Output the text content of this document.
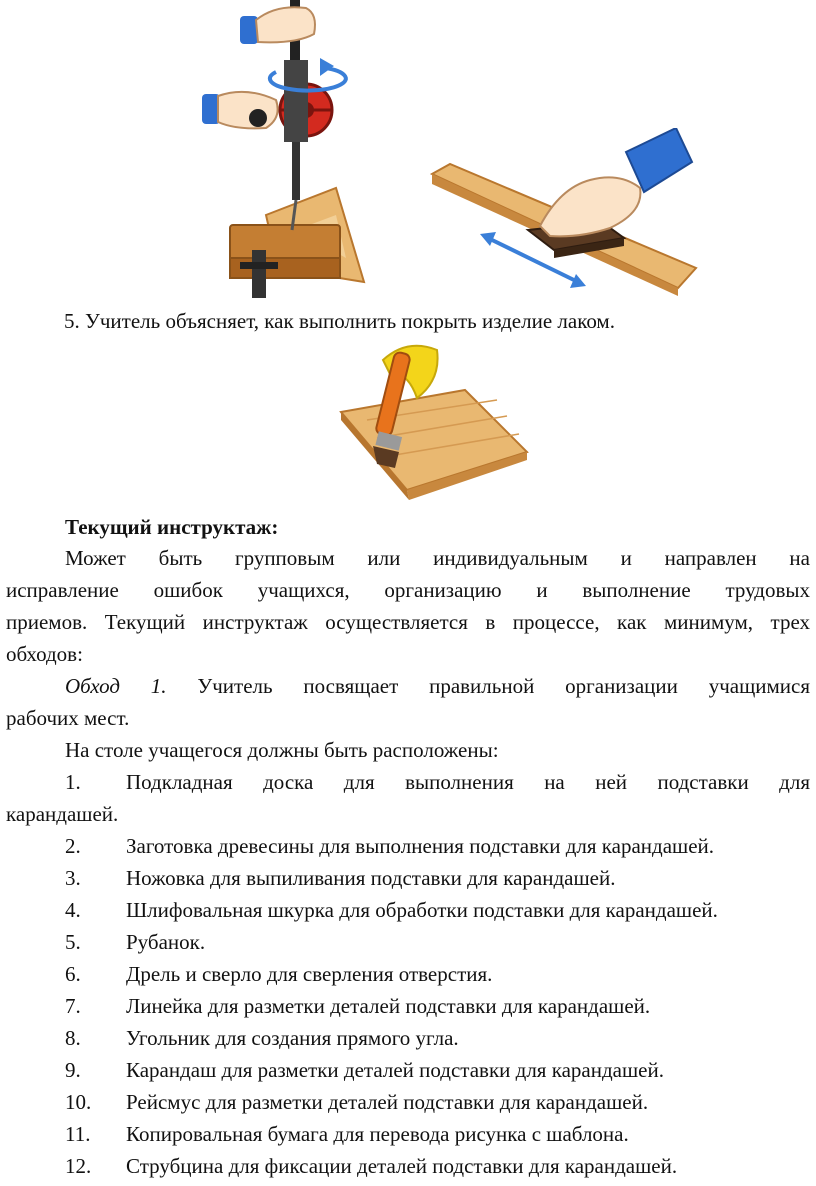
5. Учитель объясняет, как выполнить покрыть изделие лаком.
Текущий инструктаж:
Может быть групповым или индивидуальным и направлен на
исправление ошибок учащихся, организацию и выполнение трудовых
приемов. Текущий инструктаж осуществляется в процессе, как минимум, трех
обходов:
Обход 1. Учитель посвящает правильной организации учащимися
рабочих мест.
На столе учащегося должны быть расположены:
1. Подкладная доска для выполнения на ней подставки для
карандашей.
2. Заготовка древесины для выполнения подставки для карандашей.
3. Ножовка для выпиливания подставки для карандашей.
4. Шлифовальная шкурка для обработки подставки для карандашей.
5. Рубанок.
6. Дрель и сверло для сверления отверстия.
7. Линейка для разметки деталей подставки для карандашей.
8. Угольник для создания прямого угла.
9. Карандаш для разметки деталей подставки для карандашей.
10. Рейсмус для разметки деталей подставки для карандашей.
11. Копировальная бумага для перевода рисунка с шаблона.
12. Струбцина для фиксации деталей подставки для карандашей.
